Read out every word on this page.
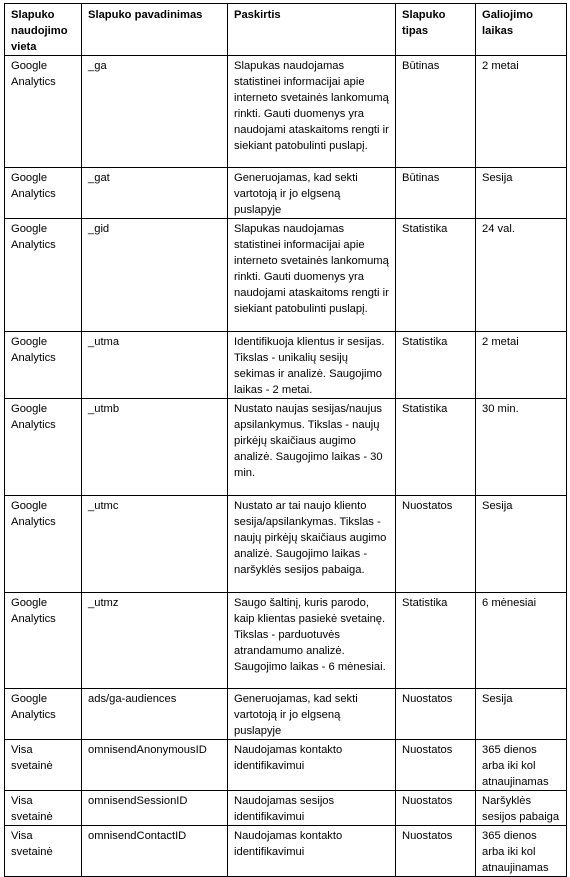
Slapuko naudojimo vieta	Slapuko pavadinimas	Paskirtis	Slapuko tipas	Galiojimo laikas
Google Analytics	_ga	Slapukas naudojamas statistinei informacijai apie interneto svetainės lankomumą rinkti. Gauti duomenys yra naudojami ataskaitoms rengti ir siekiant patobulinti puslapį.	Būtinas	2 metai
Google Analytics	_gat	Generuojamas, kad sekti vartotoją ir jo elgseną puslapyje	Būtinas	Sesija
Google Analytics	_gid	Slapukas naudojamas statistinei informacijai apie interneto svetainės lankomumą rinkti. Gauti duomenys yra naudojami ataskaitoms rengti ir siekiant patobulinti puslapį.	Statistika	24 val.
Google Analytics	_utma	Identifikuoja klientus ir sesijas. Tikslas - unikalių sesijų sekimas ir analizė. Saugojimo laikas - 2 metai.	Statistika	2 metai
Google Analytics	_utmb	Nustato naujas sesijas/naujus apsilankymus. Tikslas - naujų pirkėjų skaičiaus augimo analizė. Saugojimo laikas - 30 min.	Statistika	30 min.
Google Analytics	_utmc	Nustato ar tai naujo kliento sesija/apsilankymas. Tikslas - naujų pirkėjų skaičiaus augimo analizė. Saugojimo laikas - naršyklės sesijos pabaiga.	Nuostatos	Sesija
Google Analytics	_utmz	Saugo šaltinį, kuris parodo, kaip klientas pasiekė svetainę. Tikslas - parduotuvės atrandamumo analizė. Saugojimo laikas - 6 mėnesiai.	Statistika	6 mėnesiai
Google Analytics	ads/ga-audiences	Generuojamas, kad sekti vartotoją ir jo elgseną puslapyje	Nuostatos	Sesija
Visa svetainė	omnisendAnonymousID	Naudojamas kontakto identifikavimui	Nuostatos	365 dienos arba iki kol atnaujinamas
Visa svetainė	omnisendSessionID	Naudojamas sesijos identifikavimui	Nuostatos	Naršyklės sesijos pabaiga
Visa svetainė	omnisendContactID	Naudojamas kontakto identifikavimui	Nuostatos	365 dienos arba iki kol atnaujinamas
